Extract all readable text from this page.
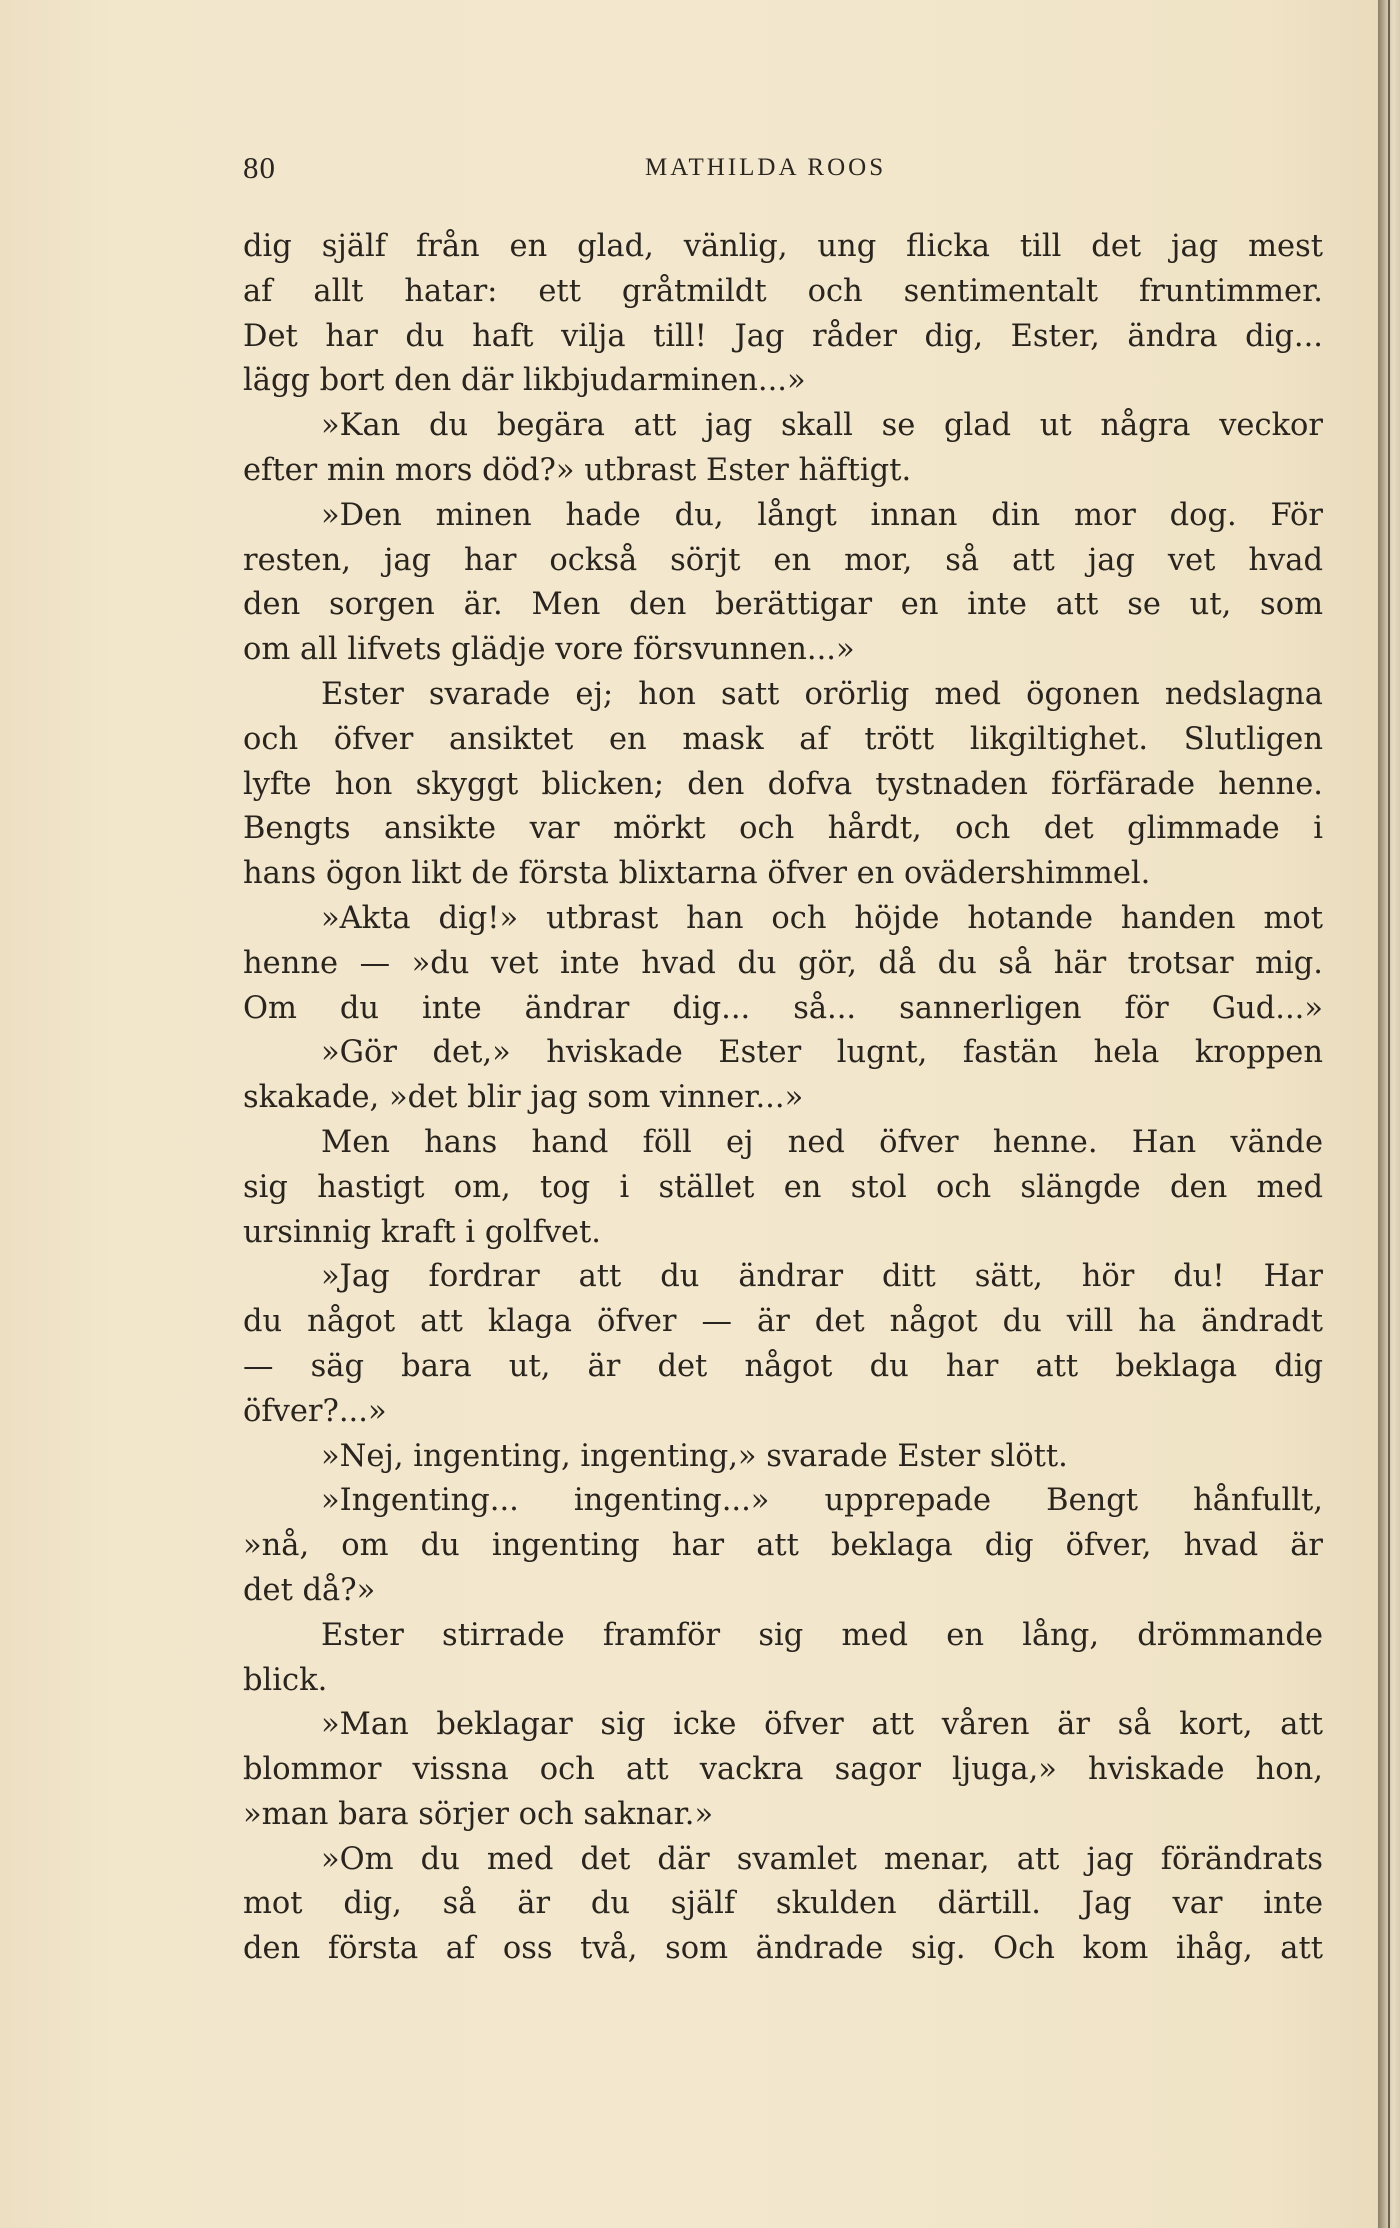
80	MATHILDA ROOS
dig själf från en glad, vänlig, ung flicka till det jag mest
af allt hatar: ett gråtmildt och sentimentalt fruntimmer.
Det har du haft vilja till! Jag råder dig, Ester, ändra dig...
lägg bort den där likbjudarminen...»
»Kan du begära att jag skall se glad ut några veckor
efter min mors död?» utbrast Ester häftigt.
»Den minen hade du, långt innan din mor dog. För
resten, jag har också sörjt en mor, så att jag vet hvad
den sorgen är. Men den berättigar en inte att se ut, som
om all lifvets glädje vore försvunnen...»
Ester svarade ej; hon satt orörlig med ögonen nedslagna
och öfver ansiktet en mask af trött likgiltighet. Slutligen
lyfte hon skyggt blicken; den dofva tystnaden förfärade henne.
Bengts ansikte var mörkt och hårdt, och det glimmade i
hans ögon likt de första blixtarna öfver en ovädershimmel.
»Akta dig!» utbrast han och höjde hotande handen mot
henne — »du vet inte hvad du gör, då du så här trotsar mig.
Om du inte ändrar dig... så... sannerligen för Gud...»
»Gör det,» hviskade Ester lugnt, fastän hela kroppen
skakade, »det blir jag som vinner...»
Men hans hand föll ej ned öfver henne. Han vände
sig hastigt om, tog i stället en stol och slängde den med
ursinnig kraft i golfvet.
»Jag fordrar att du ändrar ditt sätt, hör du! Har
du något att klaga öfver — är det något du vill ha ändradt
— säg bara ut, är det något du har att beklaga dig
öfver?...»
»Nej, ingenting, ingenting,» svarade Ester slött.
»Ingenting... ingenting...» upprepade Bengt hånfullt,
»nå, om du ingenting har att beklaga dig öfver, hvad är
det då?»
Ester stirrade framför sig med en lång, drömmande
blick.
»Man beklagar sig icke öfver att våren är så kort, att
blommor vissna och att vackra sagor ljuga,» hviskade hon,
»man bara sörjer och saknar.»
»Om du med det där svamlet menar, att jag förändrats
mot dig, så är du själf skulden därtill. Jag var inte
den första af oss två, som ändrade sig. Och kom ihåg, att
